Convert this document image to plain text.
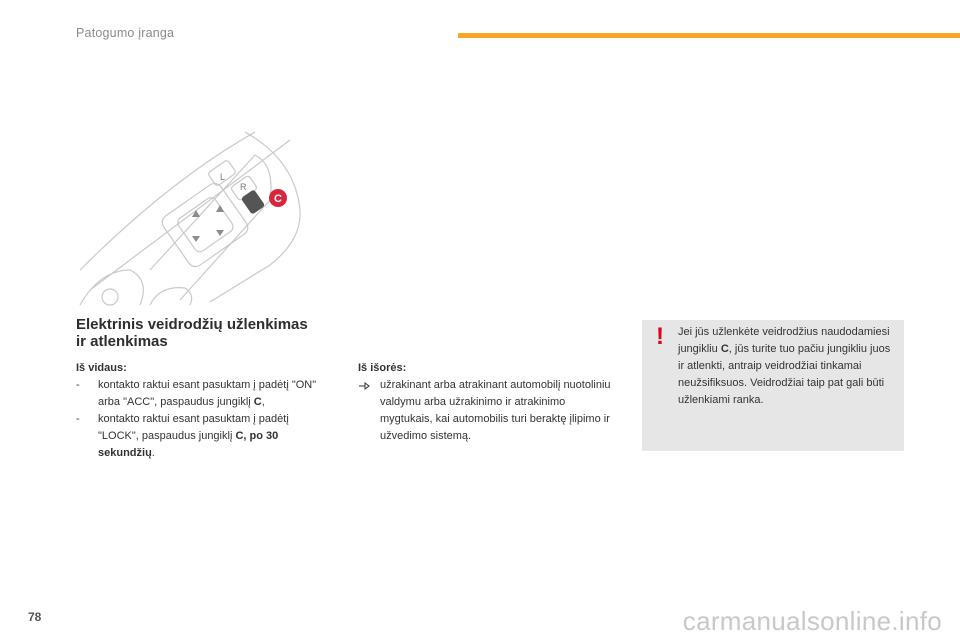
Patogumo įranga
L
R
C
Elektrinis veidrodžių užlenkimas
ir atlenkimas
Iš vidaus:
- kontakto raktui esant pasuktam į padėtį "ON" arba "ACC", paspaudus jungiklį C,
- kontakto raktui esant pasuktam į padėtį "LOCK", paspaudus jungiklį C, po 30 sekundžių.
Iš išorės:
užrakinant arba atrakinant automobilį nuotoliniu valdymu arba užrakinimo ir atrakinimo mygtukais, kai automobilis turi beraktę įlipimo ir užvedimo sistemą.
!	Jei jūs užlenkėte veidrodžius naudodamiesi jungikliu C, jūs turite tuo pačiu jungikliu juos ir atlenkti, antraip veidrodžiai tinkamai neužsifiksuos. Veidrodžiai taip pat gali būti užlenkiami ranka.
78	carmanualsonline.info
